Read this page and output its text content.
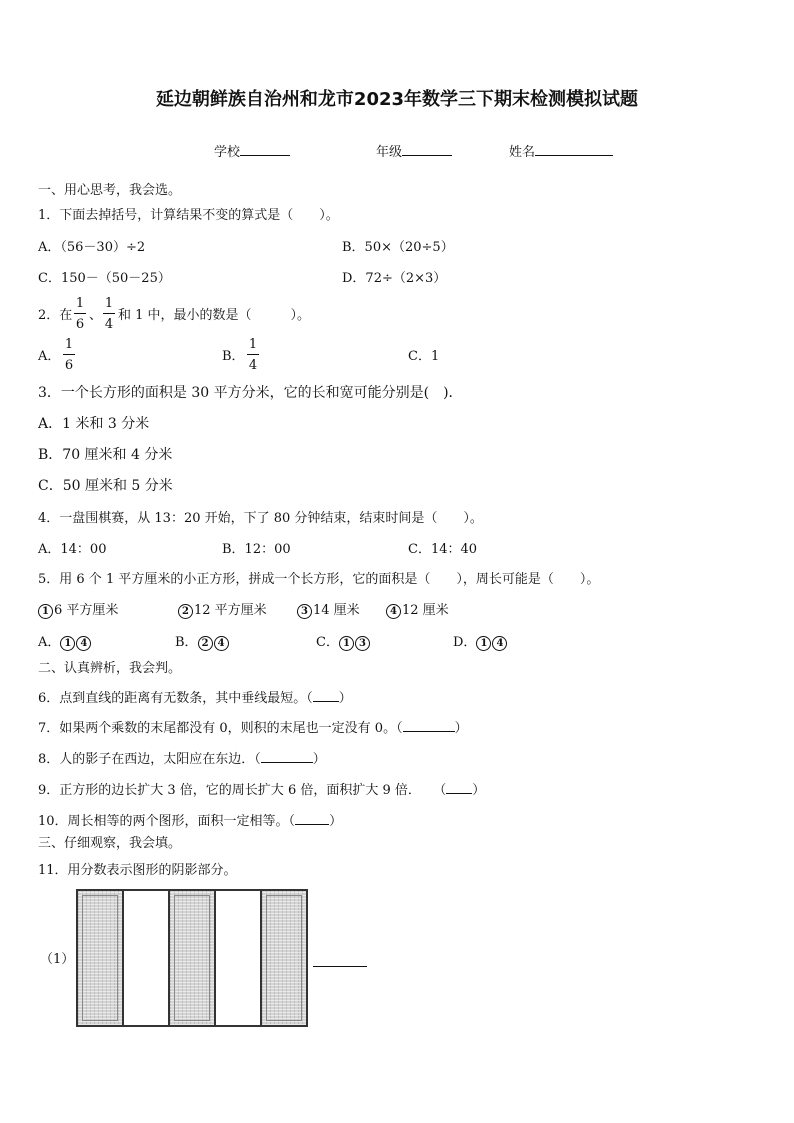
延边朝鲜族自治州和龙市2023年数学三下期末检测模拟试题
学校	年级	姓名
一、用心思考，我会选。
1．下面去掉括号，计算结果不变的算式是（　　）。
A．（56－30）÷2	B．50×（20÷5）
C．150－（50－25）	D．72÷（2×3）
2．在
1
6
、
1
4
和 1 中，最小的数是（　　　）。
A．
1
6
B．
1
4
C．1
3．一个长方形的面积是 30 平方分米，它的长和宽可能分别是(　)．
A．1 米和 3 分米
B．70 厘米和 4 分米
C．50 厘米和 5 分米
4．一盘围棋赛，从 13：20 开始，下了 80 分钟结束，结束时间是（　　）。
A．14：00	B．12：00	C．14：40
5．用 6 个 1 平方厘米的小正方形，拼成一个长方形，它的面积是（　　），周长可能是（　　）。
1 6 平方厘米	2 12 平方厘米	3 14 厘米	4 12 厘米
A． 1 4	B． 2 4	C． 1 3	D． 1 4
二、认真辨析，我会判。
6．点到直线的距离有无数条，其中垂线最短。（ ）
7．如果两个乘数的末尾都没有 0，则积的末尾也一定没有 0。（	）
8．人的影子在西边，太阳应在东边．（	）
9．正方形的边长扩大 3 倍，它的周长扩大 6 倍，面积扩大 9 倍．   （ ）
10．周长相等的两个图形，面积一定相等。（	）
三、仔细观察，我会填。
11．用分数表示图形的阴影部分。
（1）
